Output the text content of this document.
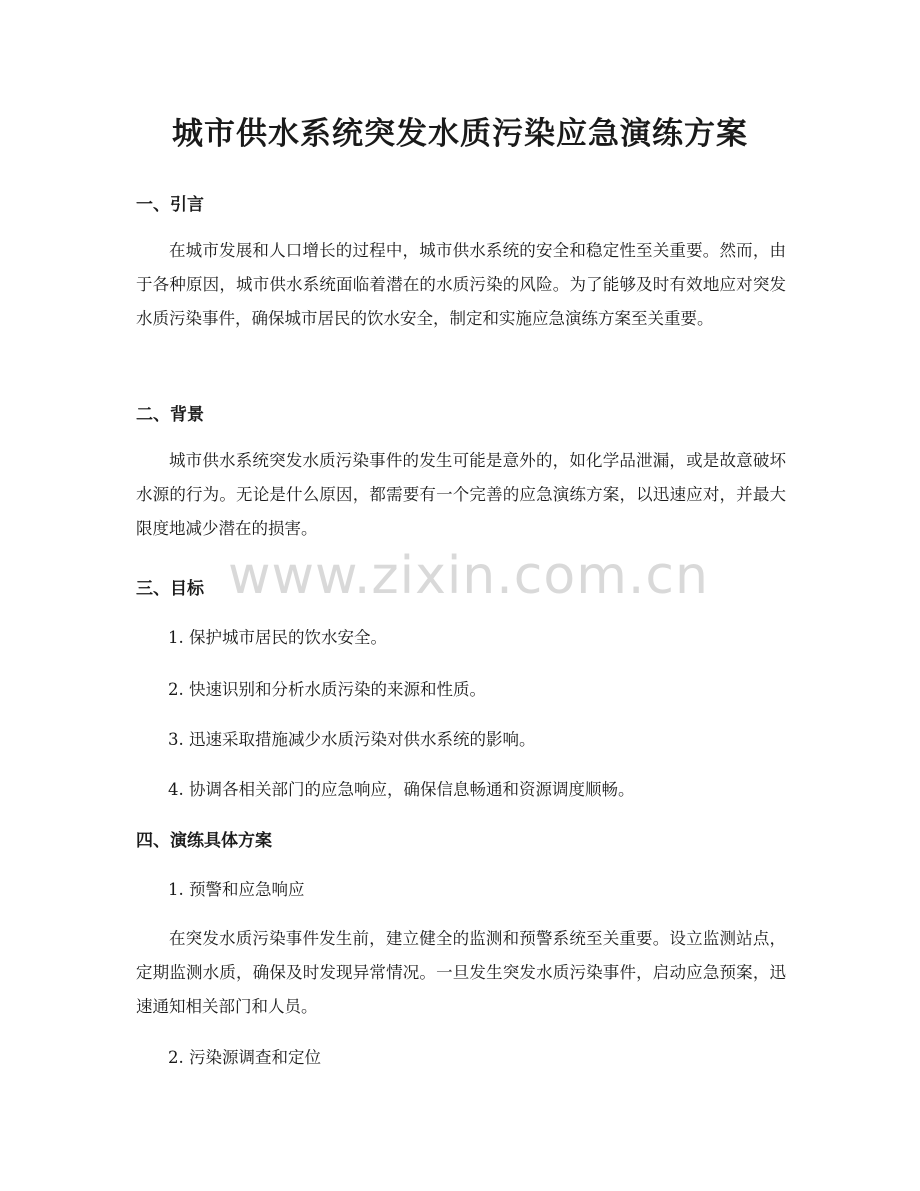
城市供水系统突发水质污染应急演练方案
一、引言

在城市发展和人口增长的过程中，城市供水系统的安全和稳定性至关重要。然而，由于各种原因，城市供水系统面临着潜在的水质污染的风险。为了能够及时有效地应对突发水质污染事件，确保城市居民的饮水安全，制定和实施应急演练方案至关重要。

二、背景

城市供水系统突发水质污染事件的发生可能是意外的，如化学品泄漏，或是故意破坏水源的行为。无论是什么原因，都需要有一个完善的应急演练方案，以迅速应对，并最大限度地减少潜在的损害。

www.zixin.com.cn
三、目标

1. 保护城市居民的饮水安全。

2. 快速识别和分析水质污染的来源和性质。

3. 迅速采取措施减少水质污染对供水系统的影响。

4. 协调各相关部门的应急响应，确保信息畅通和资源调度顺畅。

四、演练具体方案

1. 预警和应急响应

在突发水质污染事件发生前，建立健全的监测和预警系统至关重要。设立监测站点，定期监测水质，确保及时发现异常情况。一旦发生突发水质污染事件，启动应急预案，迅速通知相关部门和人员。

2. 污染源调查和定位
